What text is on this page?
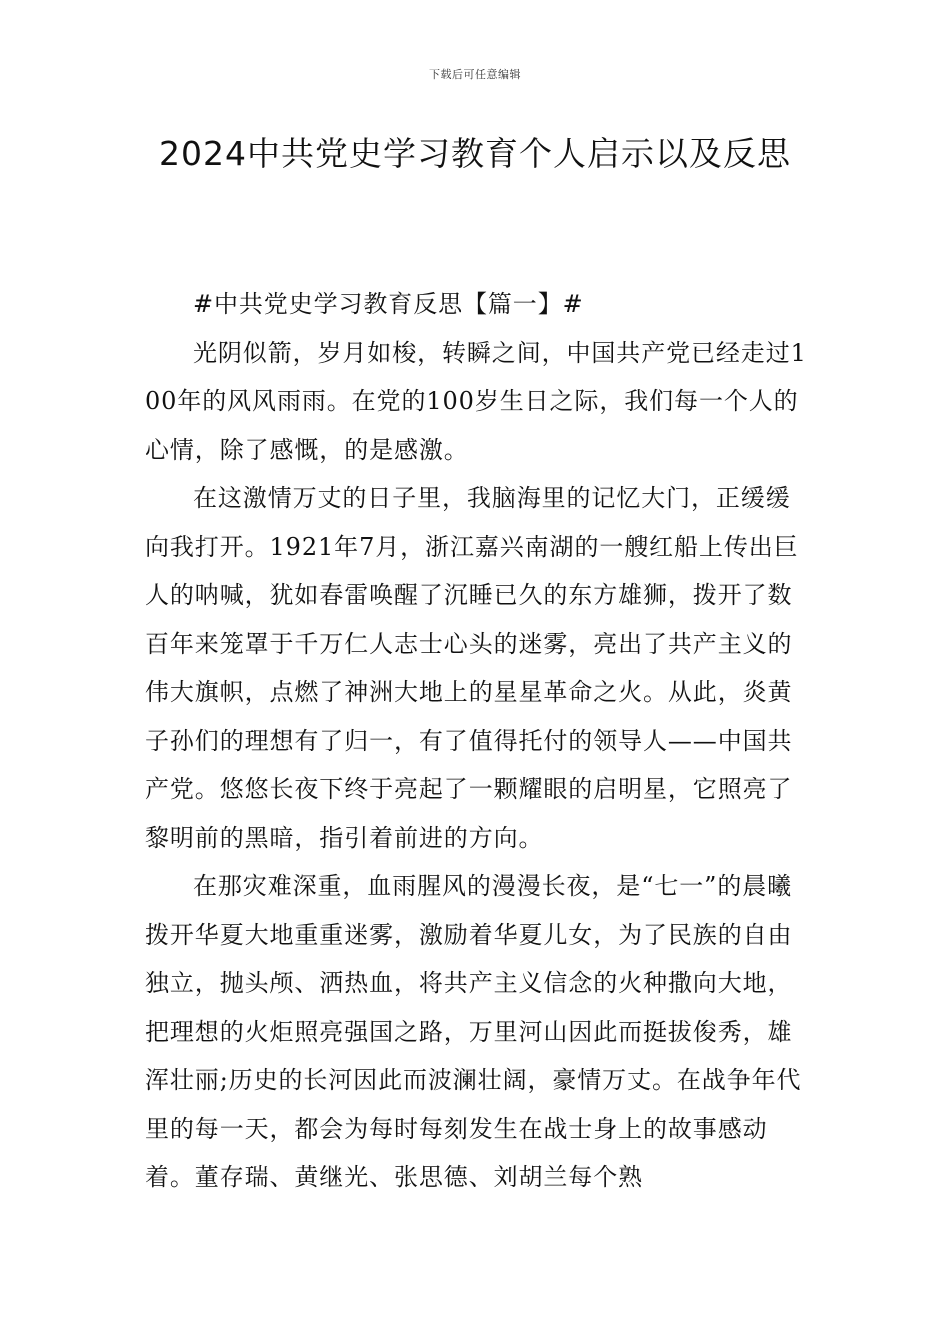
下载后可任意编辑
2024中共党史学习教育个人启示以及反思

#中共党史学习教育反思【篇一】#

光阴似箭，岁月如梭，转瞬之间，中国共产党已经走过100年的风风雨雨。在党的100岁生日之际，我们每一个人的心情，除了感慨，的是感激。

在这激情万丈的日子里，我脑海里的记忆大门，正缓缓向我打开。1921年7月，浙江嘉兴南湖的一艘红船上传出巨人的呐喊，犹如春雷唤醒了沉睡已久的东方雄狮，拨开了数百年来笼罩于千万仁人志士心头的迷雾，亮出了共产主义的伟大旗帜，点燃了神洲大地上的星星革命之火。从此，炎黄子孙们的理想有了归一，有了值得托付的领导人——中国共产党。悠悠长夜下终于亮起了一颗耀眼的启明星，它照亮了黎明前的黑暗，指引着前进的方向。

在那灾难深重，血雨腥风的漫漫长夜，是“七一”的晨曦拨开华夏大地重重迷雾，激励着华夏儿女，为了民族的自由独立，抛头颅、洒热血，将共产主义信念的火种撒向大地，把理想的火炬照亮强国之路，万里河山因此而挺拔俊秀，雄浑壮丽;历史的长河因此而波澜壮阔，豪情万丈。在战争年代里的每一天，都会为每时每刻发生在战士身上的故事感动着。董存瑞、黄继光、张思德、刘胡兰每个熟
